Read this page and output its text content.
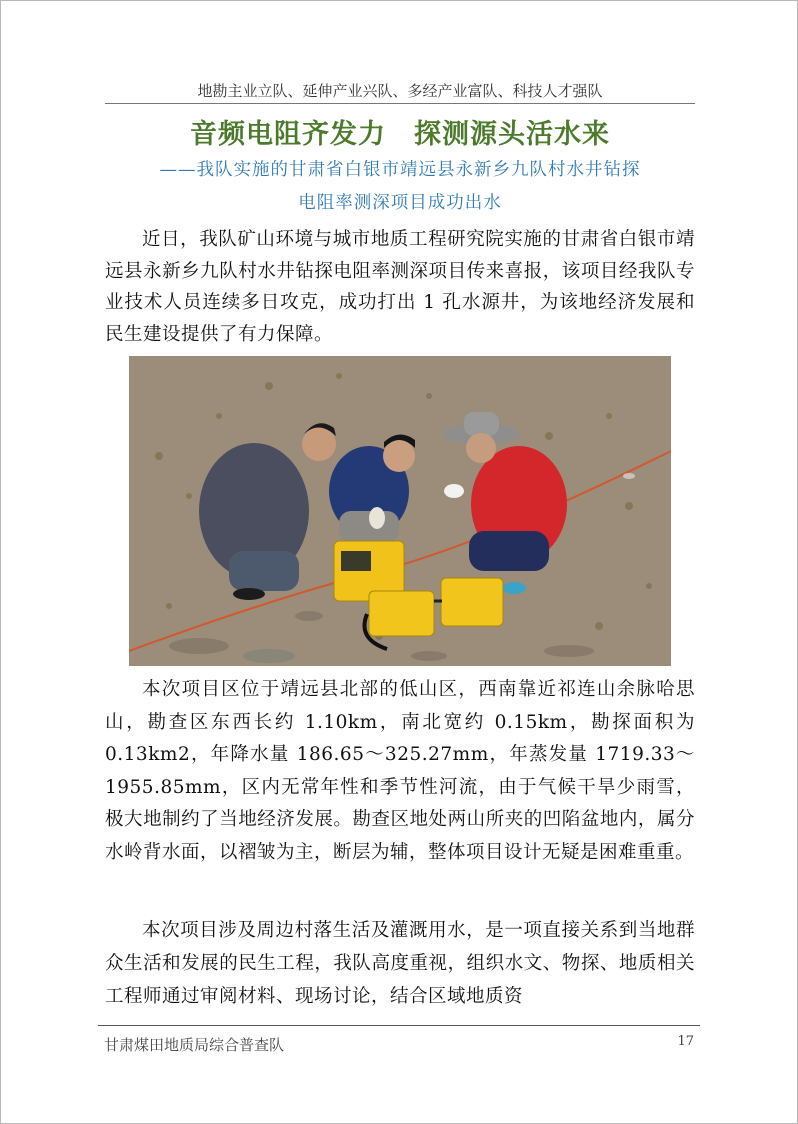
地勘主业立队、延伸产业兴队、多经产业富队、科技人才强队
音频电阻齐发力　探测源头活水来
——我队实施的甘肃省白银市靖远县永新乡九队村水井钻探
电阻率测深项目成功出水

近日，我队矿山环境与城市地质工程研究院实施的甘肃省白银市靖远县永新乡九队村水井钻探电阻率测深项目传来喜报，该项目经我队专业技术人员连续多日攻克，成功打出 1 孔水源井，为该地经济发展和民生建设提供了有力保障。

本次项目区位于靖远县北部的低山区，西南靠近祁连山余脉哈思山，勘查区东西长约 1.10km，南北宽约 0.15km，勘探面积为 0.13km2，年降水量 186.65～325.27mm，年蒸发量 1719.33～1955.85mm，区内无常年性和季节性河流，由于气候干旱少雨雪，极大地制约了当地经济发展。勘查区地处两山所夹的凹陷盆地内，属分水岭背水面，以褶皱为主，断层为辅，整体项目设计无疑是困难重重。

本次项目涉及周边村落生活及灌溉用水，是一项直接关系到当地群众生活和发展的民生工程，我队高度重视，组织水文、物探、地质相关工程师通过审阅材料、现场讨论，结合区域地质资

甘肃煤田地质局综合普查队	17
